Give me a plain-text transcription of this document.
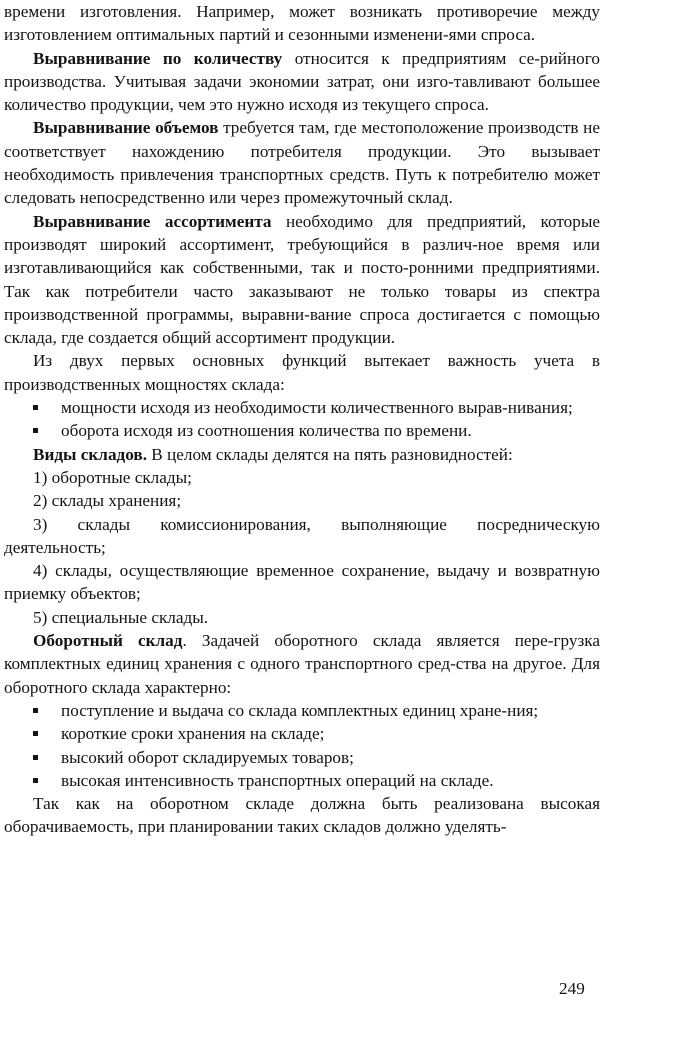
времени изготовления. Например, может возникать противоречие между изготовлением оптимальных партий и сезонными изменени-ями спроса.

Выравнивание по количеству относится к предприятиям се-рийного производства. Учитывая задачи экономии затрат, они изго-тавливают большее количество продукции, чем это нужно исходя из текущего спроса.

Выравнивание объемов требуется там, где местоположение производств не соответствует нахождению потребителя продукции. Это вызывает необходимость привлечения транспортных средств. Путь к потребителю может следовать непосредственно или через промежуточный склад.

Выравнивание ассортимента необходимо для предприятий, которые производят широкий ассортимент, требующийся в различ-ное время или изготавливающийся как собственными, так и посто-ронними предприятиями. Так как потребители часто заказывают не только товары из спектра производственной программы, выравни-вание спроса достигается с помощью склада, где создается общий ассортимент продукции.

Из двух первых основных функций вытекает важность учета в производственных мощностях склада:

мощности исходя из необходимости количественного вырав-нивания;

оборота исходя из соотношения количества по времени.

Виды складов. В целом склады делятся на пять разновидностей:

1) оборотные склады;

2) склады хранения;

3) склады комиссионирования, выполняющие посредническую деятельность;

4) склады, осуществляющие временное сохранение, выдачу и возвратную приемку объектов;

5) специальные склады.

Оборотный склад. Задачей оборотного склада является пере-грузка комплектных единиц хранения с одного транспортного сред-ства на другое. Для оборотного склада характерно:

поступление и выдача со склада комплектных единиц хране-ния;

короткие сроки хранения на складе;

высокий оборот складируемых товаров;

высокая интенсивность транспортных операций на складе.

Так как на оборотном складе должна быть реализована высокая оборачиваемость, при планировании таких складов должно уделять-

249
